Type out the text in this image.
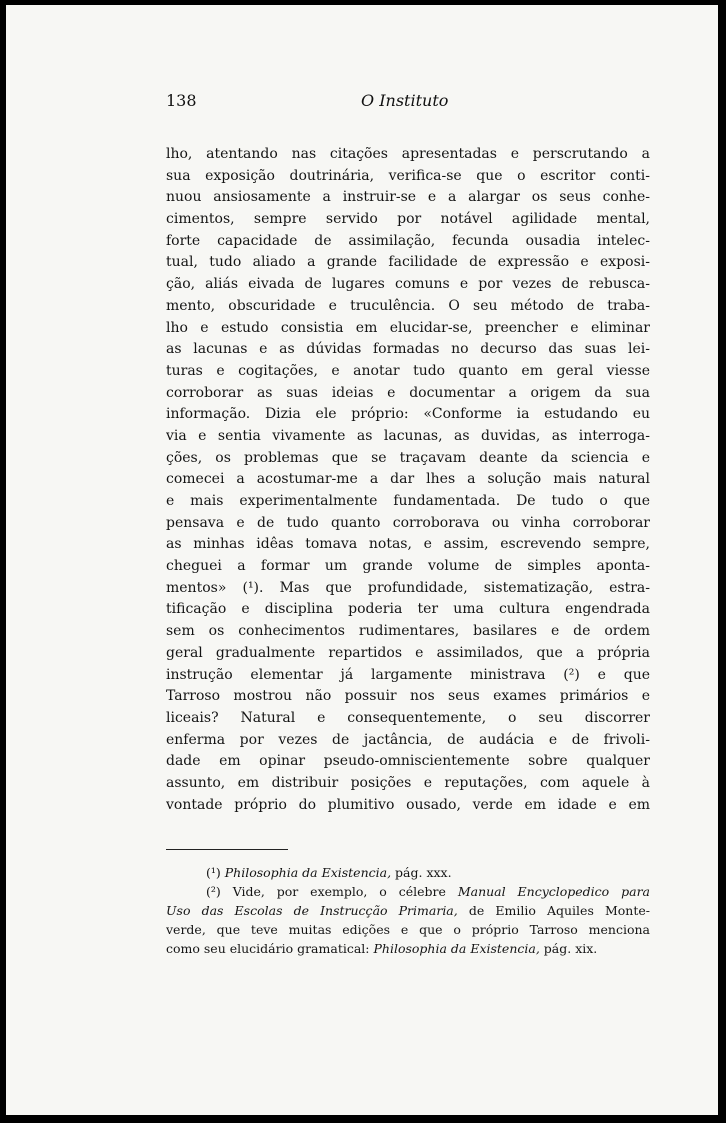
138	O Instituto
lho, atentando nas citações apresentadas e perscrutando a
sua exposição doutrinária, verifica-se que o escritor conti-
nuou ansiosamente a instruir-se e a alargar os seus conhe-
cimentos, sempre servido por notável agilidade mental,
forte capacidade de assimilação, fecunda ousadia intelec-
tual, tudo aliado a grande facilidade de expressão e exposi-
ção, aliás eivada de lugares comuns e por vezes de rebusca-
mento, obscuridade e truculência. O seu método de traba-
lho e estudo consistia em elucidar-se, preencher e eliminar
as lacunas e as dúvidas formadas no decurso das suas lei-
turas e cogitações, e anotar tudo quanto em geral viesse
corroborar as suas ideias e documentar a origem da sua
informação. Dizia ele próprio: «Conforme ia estudando eu
via e sentia vivamente as lacunas, as duvidas, as interroga-
ções, os problemas que se traçavam deante da sciencia e
comecei a acostumar-me a dar lhes a solução mais natural
e mais experimentalmente fundamentada. De tudo o que
pensava e de tudo quanto corroborava ou vinha corroborar
as minhas idêas tomava notas, e assim, escrevendo sempre,
cheguei a formar um grande volume de simples aponta-
mentos» (¹). Mas que profundidade, sistematização, estra-
tificação e disciplina poderia ter uma cultura engendrada
sem os conhecimentos rudimentares, basilares e de ordem
geral gradualmente repartidos e assimilados, que a própria
instrução elementar já largamente ministrava (²) e que
Tarroso mostrou não possuir nos seus exames primários e
liceais? Natural e consequentemente, o seu discorrer
enferma por vezes de jactância, de audácia e de frivoli-
dade em opinar pseudo-omniscientemente sobre qualquer
assunto, em distribuir posições e reputações, com aquele à
vontade próprio do plumitivo ousado, verde em idade e em
(¹) Philosophia da Existencia, pág. xxx.
(²) Vide, por exemplo, o célebre Manual Encyclopedico para
Uso das Escolas de Instrucção Primaria, de Emilio Aquiles Monte-
verde, que teve muitas edições e que o próprio Tarroso menciona
como seu elucidário gramatical: Philosophia da Existencia, pág. xix.
